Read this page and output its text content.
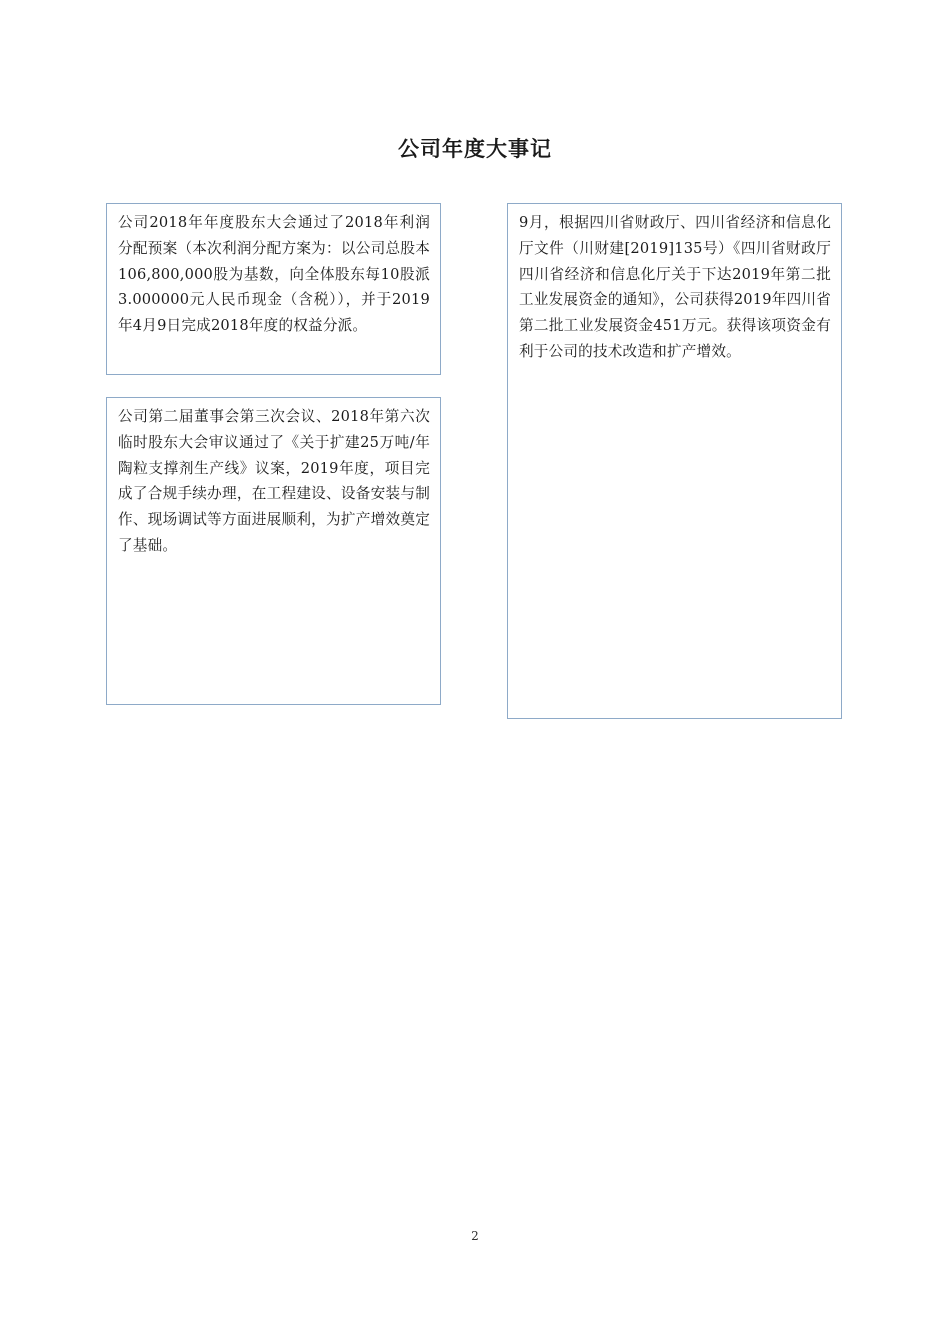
公司年度大事记
公司2018年年度股东大会通过了2018年利润分配预案（本次利润分配方案为：以公司总股本106,800,000股为基数，向全体股东每10股派3.000000元人民币现金（含税）），并于2019年4月9日完成2018年度的权益分派。
公司第二届董事会第三次会议、2018年第六次临时股东大会审议通过了《关于扩建25万吨/年陶粒支撑剂生产线》议案，2019年度，项目完成了合规手续办理，在工程建设、设备安装与制作、现场调试等方面进展顺利，为扩产增效奠定了基础。
9月，根据四川省财政厅、四川省经济和信息化厅文件（川财建[2019]135号）《四川省财政厅四川省经济和信息化厅关于下达2019年第二批工业发展资金的通知》，公司获得2019年四川省第二批工业发展资金451万元。获得该项资金有利于公司的技术改造和扩产增效。
2
